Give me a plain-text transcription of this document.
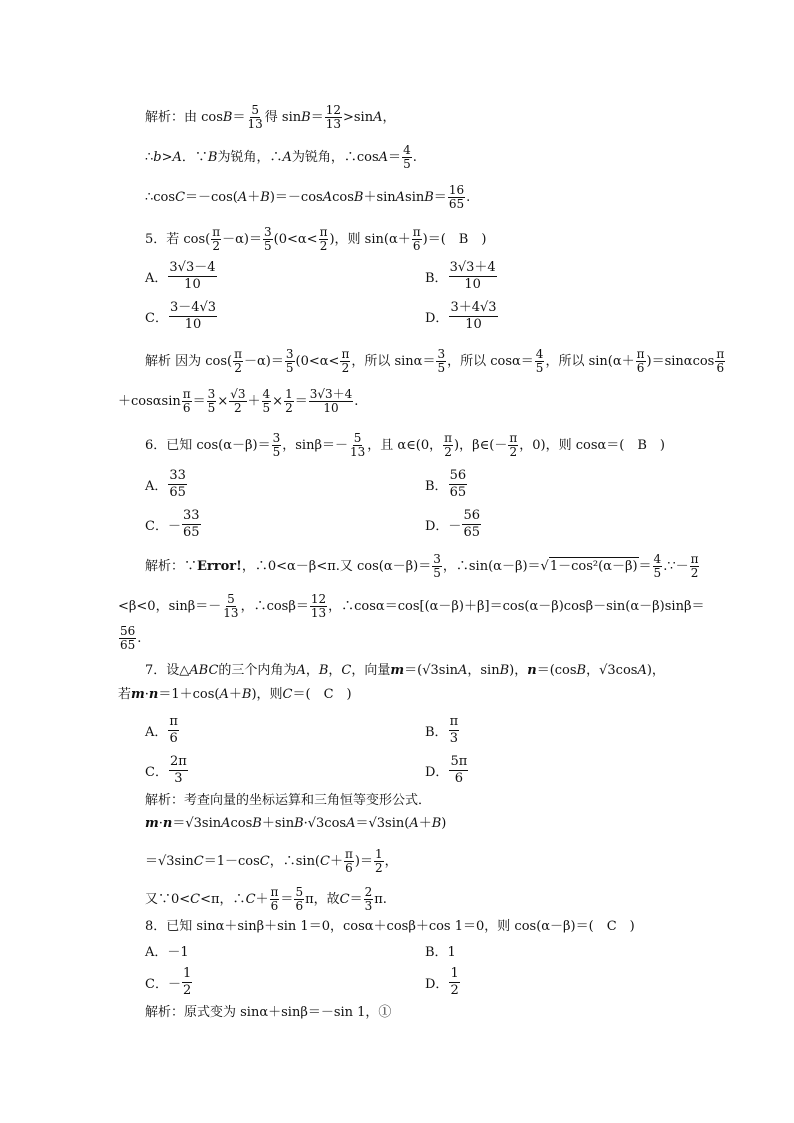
解析：由 $\cos B = \frac{5}{13}$ 得 $\sin B = \frac{12}{13} >\sin$ A ，
∴ b>A ．∵ B 为锐角，∴ A 为锐角，∴cos $A = \frac{4}{5}$ .
∴cos C ＝－cos( A ＋ B )＝－cos A cos B ＋sin A $\sin B = \frac{16}{65}$ .
5．若 $\cos( \frac{\pi}{2} -\alpha)= \frac{3}{5} (0<\alpha< \frac{\pi}{2}$ )，则 $\sin(\alpha+ \frac{\pi}{6}$ )＝(　B　)
A． $\frac{3√3-4}{10}$	B． $\frac{3√3+4}{10}$
C． $\frac{3-4√3}{10}$	D． $\frac{3+4√3}{10}$
解析 因为 $\cos( \frac{\pi}{2} -\alpha)= \frac{3}{5} (0<\alpha< \frac{\pi}{2}$ ，所以 $\sin\alpha= \frac{3}{5}$ ，所以 $\cos\alpha= \frac{4}{5}$ ，所以 $\sin(\alpha+ \frac{\pi}{6} )=\sin\alpha\cos \frac{\pi}{6}$
$+\cos\alpha\sin \frac{\pi}{6} = \frac{3}{5} \times \frac{√3}{2} + \frac{4}{5} \times \frac{1}{2} = \frac{3√3+4}{10}$ .
6．已知 $\cos(\alpha-\beta)= \frac{3}{5}$ ，$\sin\beta=- \frac{5}{13}$ ，且 α∈(0， $\frac{\pi}{2}$ )，β∈(－ $\frac{\pi}{2}$ ，0)，则 cosα＝(　B　)
A． $\frac{33}{65}$	B． $\frac{56}{65}$
C．－ $\frac{33}{65}$	D．－ $\frac{56}{65}$
解析：∵ Error! ，∴0<α－β<π.又 $\cos(\alpha-\beta)= \frac{3}{5}$ ，∴sin(α－β)＝ √ $1-\cos^2(\alpha-\beta) = \frac{4}{5}$ .∵－ $\frac{\pi}{2}$
<β<0，$\sin\beta=- \frac{5}{13}$ ，∴cosβ＝ $\frac{12}{13}$ ，∴cosα＝cos[(α－β)＋β]＝cos(α－β)cosβ－sin(α－β)sinβ＝
$\frac{56}{65}$ .
7．设△ ABC 的三个内角为 A ， B ， C ，向量 m ＝(√3sin A ，sin B )， n ＝(cos B ，√3cos A )，
若 m · n ＝1＋cos( A ＋ B )，则 C ＝(　C　)
A． $\frac{\pi}{6}$	B． $\frac{\pi}{3}$
C． $\frac{2\pi}{3}$	D． $\frac{5\pi}{6}$
解析：考查向量的坐标运算和三角恒等变形公式．
m · n ＝√3sin A cos B ＋sin B ·√3cos A ＝√3sin( A ＋ B )
＝√3sin C ＝1－cos C ，∴sin( $C + \frac{\pi}{6}$ )＝ $\frac{1}{2}$ ，
又∵0< C <π，∴ $C + \frac{\pi}{6} = \frac{5}{6}$ π，故 $C = \frac{2}{3} \pi$.
8．已知 sinα＋sinβ＋sin 1＝0，cosα＋cosβ＋cos 1＝0，则 cos(α－β)＝(　C　)
A．－1	B．1
C．－ $\frac{1}{2}$	D． $\frac{1}{2}$
解析：原式变为 sinα＋sinβ＝－sin 1，①
